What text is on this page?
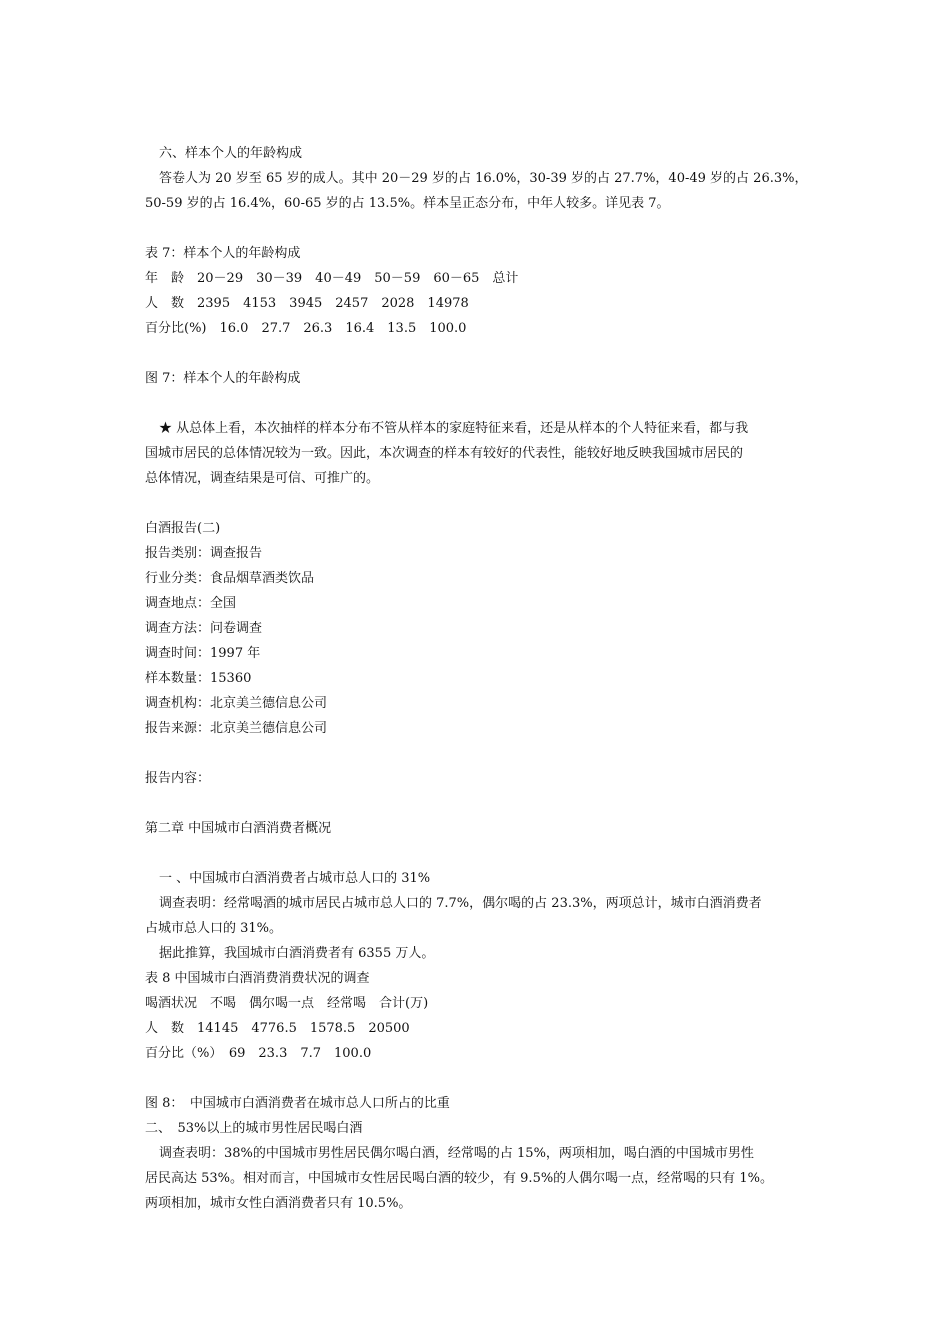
六、样本个人的年龄构成
答卷人为 20 岁至 65 岁的成人。其中 20－29 岁的占 16.0%，30-39 岁的占 27.7%，40-49 岁的占 26.3%，
50-59 岁的占 16.4%，60-65 岁的占 13.5%。样本呈正态分布，中年人较多。详见表 7。
表 7：样本个人的年龄构成
年　龄　20－29　30－39　40－49　50－59　60－65　总计
人　数　2395　4153　3945　2457　2028　14978
百分比(%)　16.0　27.7　26.3　16.4　13.5　100.0
图 7：样本个人的年龄构成
★ 从总体上看，本次抽样的样本分布不管从样本的家庭特征来看，还是从样本的个人特征来看，都与我
国城市居民的总体情况较为一致。因此，本次调查的样本有较好的代表性，能较好地反映我国城市居民的
总体情况，调查结果是可信、可推广的。
白酒报告(二)
报告类别：调查报告
行业分类：食品烟草酒类饮品
调查地点：全国
调查方法：问卷调查
调查时间：1997 年
样本数量：15360
调查机构：北京美兰德信息公司
报告来源：北京美兰德信息公司
报告内容：
第二章 中国城市白酒消费者概况
一 、中国城市白酒消费者占城市总人口的 31%
调查表明：经常喝酒的城市居民占城市总人口的 7.7%，偶尔喝的占 23.3%，两项总计，城市白酒消费者
占城市总人口的 31%。
据此推算，我国城市白酒消费者有 6355 万人。
表 8 中国城市白酒消费消费状况的调查
喝酒状况　不喝　偶尔喝一点　经常喝　合计(万)
人　数　14145　4776.5　1578.5　20500
百分比（%）　69　23.3　7.7　100.0
图 8：　中国城市白酒消费者在城市总人口所占的比重
二、　53%以上的城市男性居民喝白酒
调查表明：38%的中国城市男性居民偶尔喝白酒，经常喝的占 15%，两项相加，喝白酒的中国城市男性
居民高达 53%。相对而言，中国城市女性居民喝白酒的较少，有 9.5%的人偶尔喝一点，经常喝的只有 1%。
两项相加，城市女性白酒消费者只有 10.5%。
